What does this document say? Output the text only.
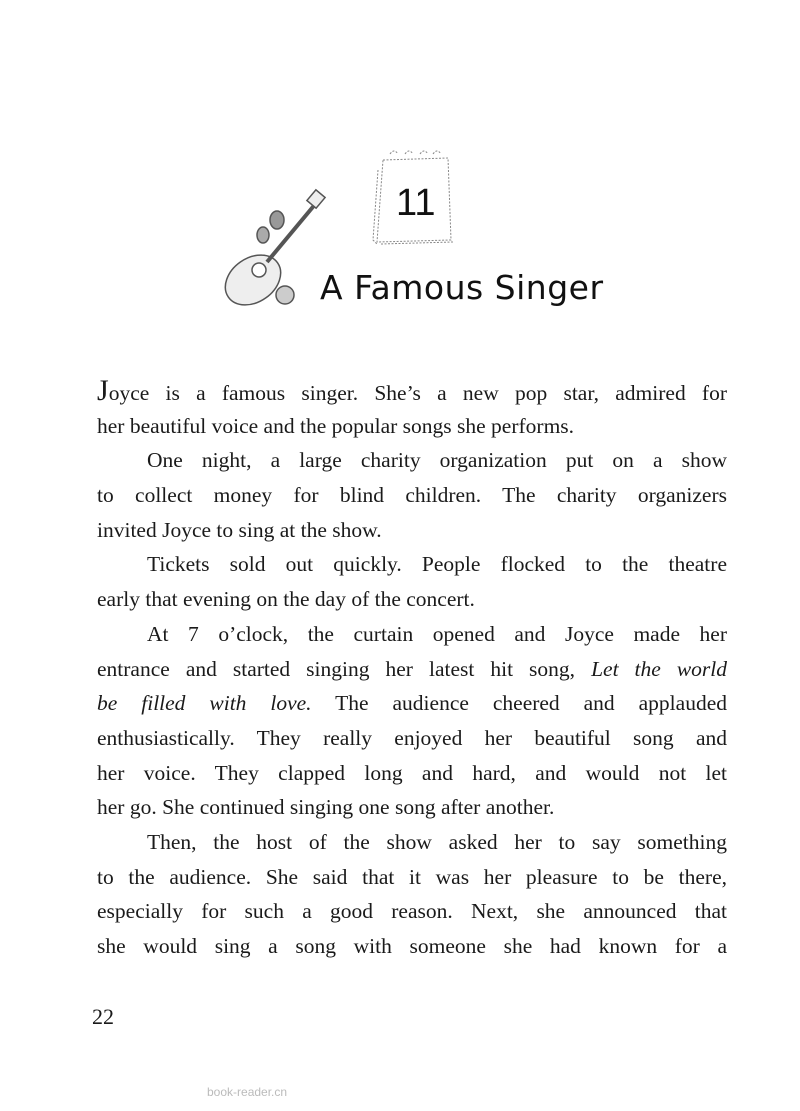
11
A Famous Singer
Joyce is a famous singer. She’s a new pop star, admired for
her beautiful voice and the popular songs she performs.
One night, a large charity organization put on a show
to collect money for blind children. The charity organizers
invited Joyce to sing at the show.
Tickets sold out quickly. People flocked to the theatre
early that evening on the day of the concert.
At 7 o’clock, the curtain opened and Joyce made her
entrance and started singing her latest hit song, Let the world
be filled with love. The audience cheered and applauded
enthusiastically. They really enjoyed her beautiful song and
her voice. They clapped long and hard, and would not let
her go. She continued singing one song after another.
Then, the host of the show asked her to say something
to the audience. She said that it was her pleasure to be there,
especially for such a good reason. Next, she announced that
she would sing a song with someone she had known for a
22
book-reader.cn
